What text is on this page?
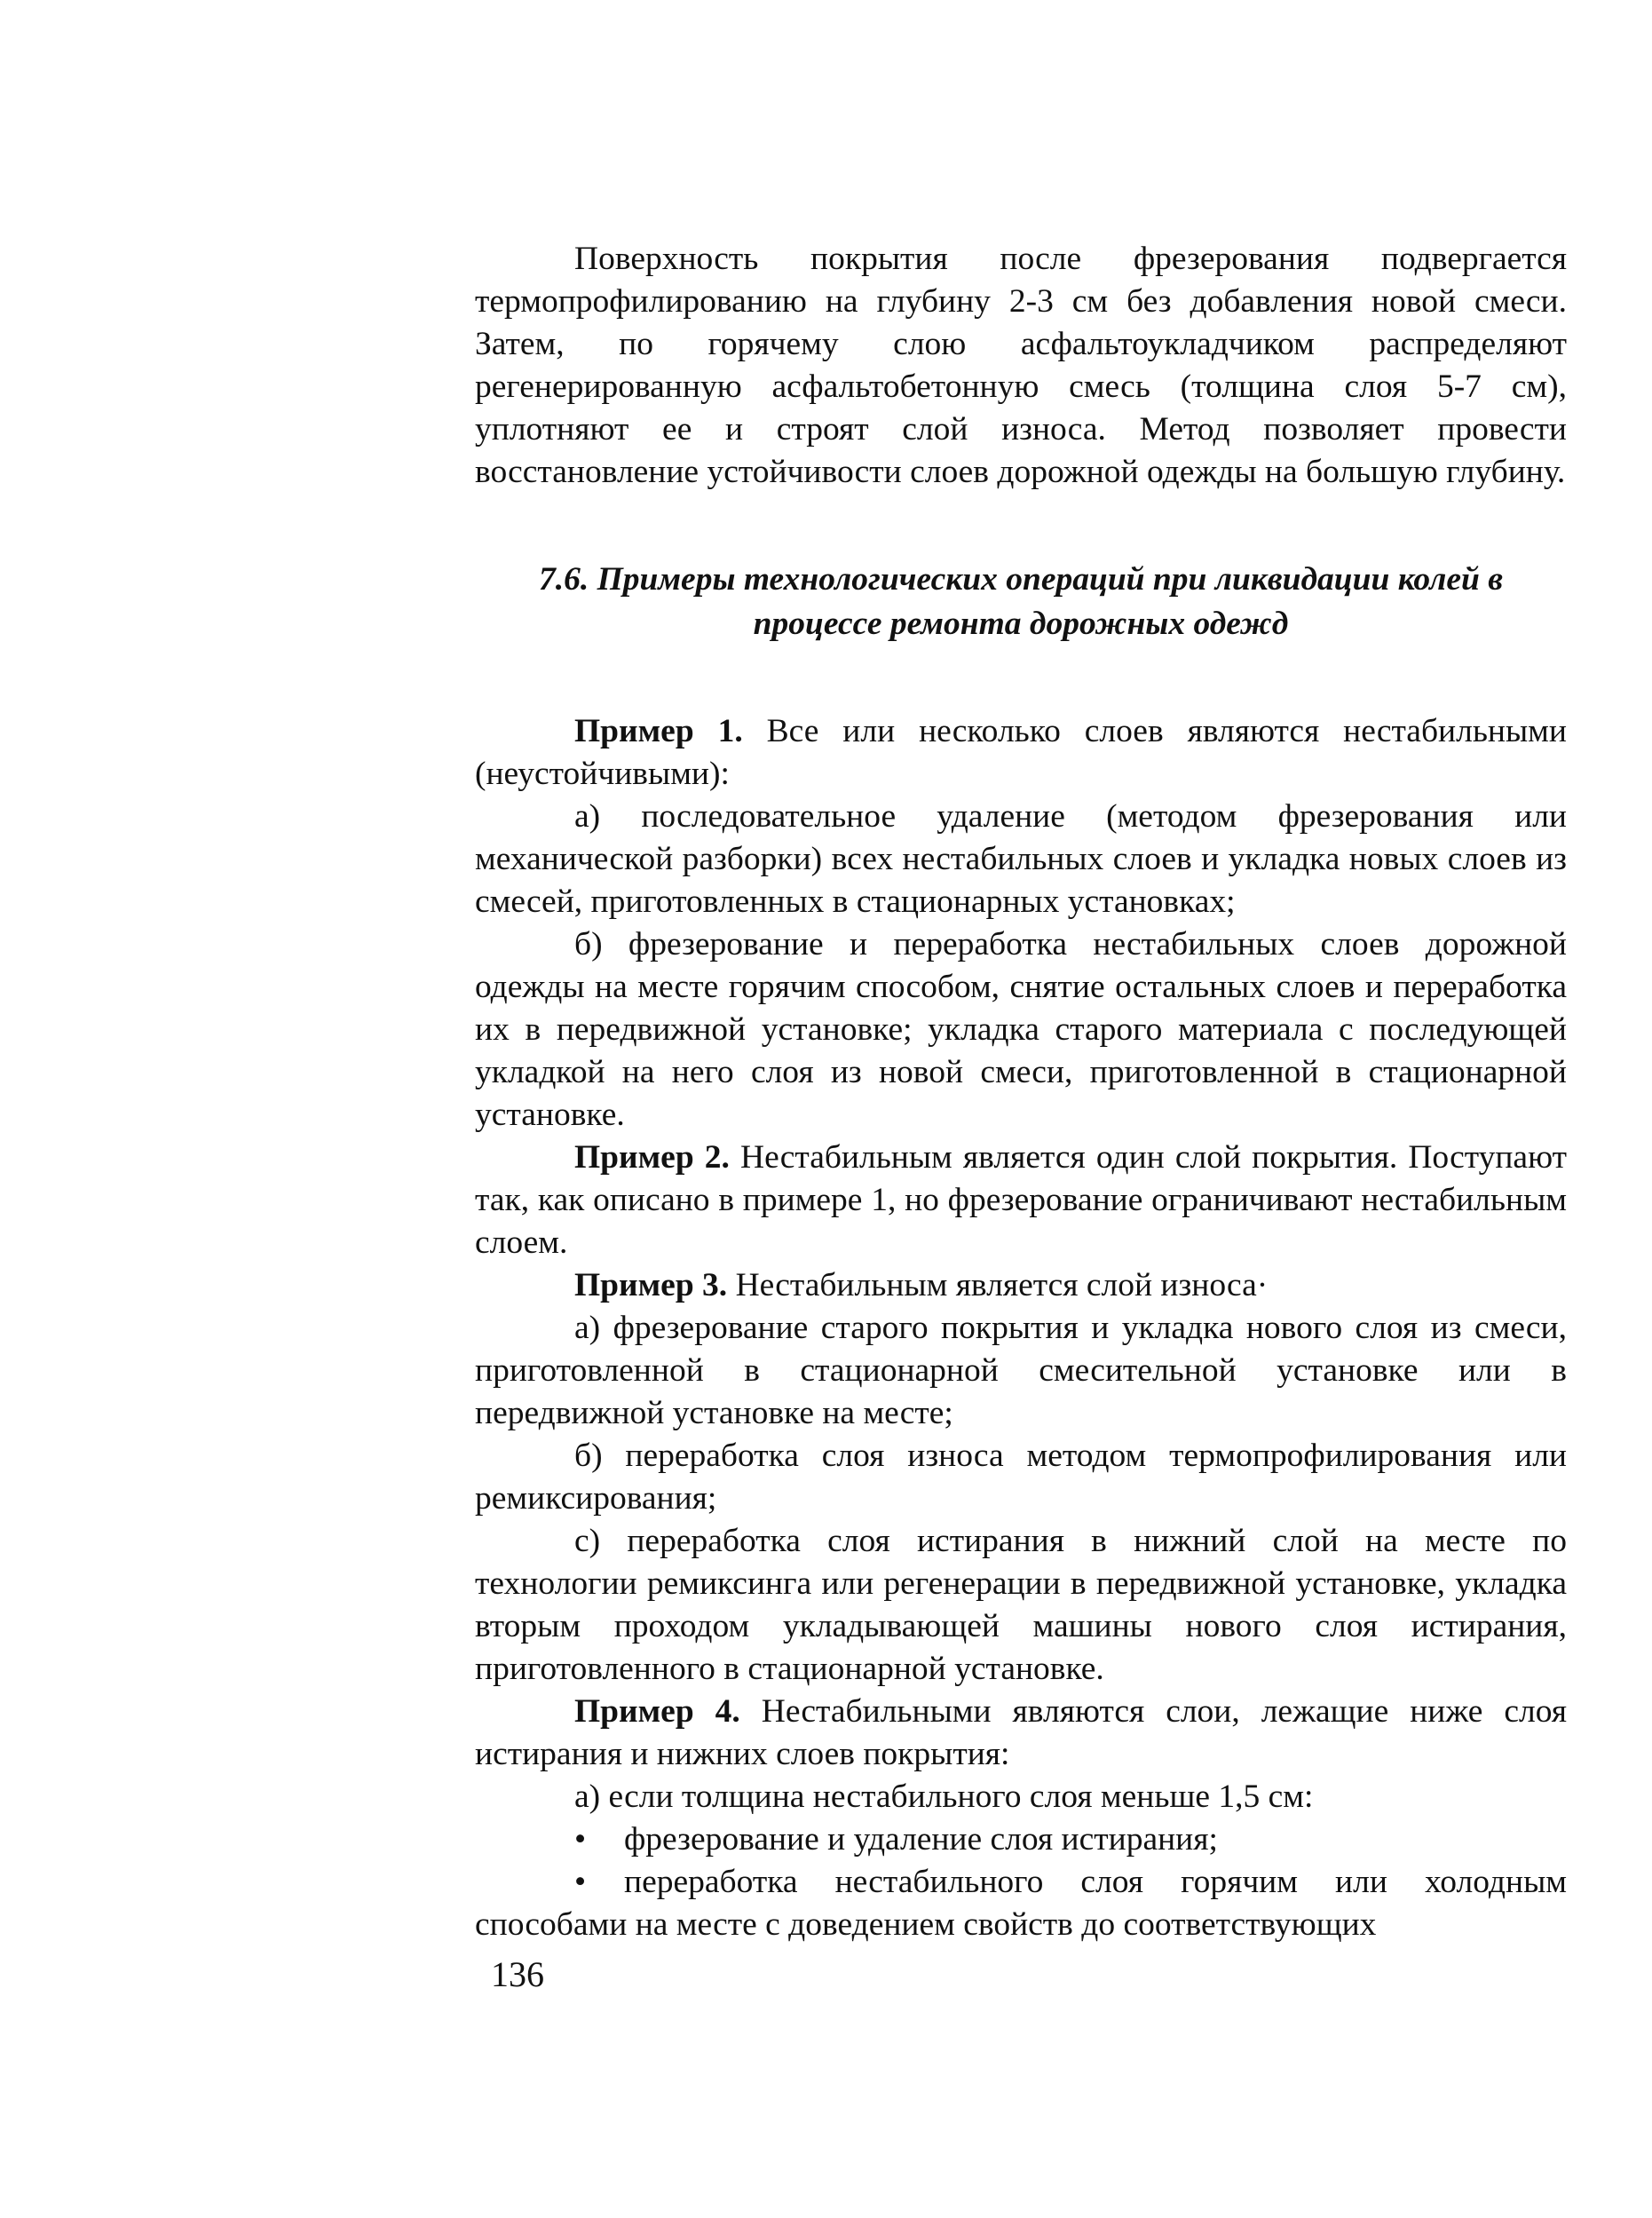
Поверхность покрытия после фрезерования подвергается термопрофилированию на глубину 2-3 см без добавления новой смеси. Затем, по горячему слою асфальтоукладчиком распределяют регенерированную асфальтобетонную смесь (толщина слоя 5-7 см), уплотняют ее и строят слой износа. Метод позволяет провести восстановление устойчивости слоев дорожной одежды на большую глубину.

7.6. Примеры технологических операций при ликвидации колей в
процессе ремонта дорожных одежд

Пример 1. Все или несколько слоев являются нестабильными (неустойчивыми):

а) последовательное удаление (методом фрезерования или механической разборки) всех нестабильных слоев и укладка новых слоев из смесей, приготовленных в стационарных установках;

б) фрезерование и переработка нестабильных слоев дорожной одежды на месте горячим способом, снятие остальных слоев и переработка их в передвижной установке; укладка старого материала с последующей укладкой на него слоя из новой смеси, приготовленной в стационарной установке.

Пример 2. Нестабильным является один слой покрытия. Поступают так, как описано в примере 1, но фрезерование ограничивают нестабильным слоем.

Пример 3. Нестабильным является слой износа·

а) фрезерование старого покрытия и укладка нового слоя из смеси, приготовленной в стационарной смесительной установке или в передвижной установке на месте;

б) переработка слоя износа методом термопрофилирования или ремиксирования;

с) переработка слоя истирания в нижний слой на месте по технологии ремиксинга или регенерации в передвижной установке, укладка вторым проходом укладывающей машины нового слоя истирания, приготовленного в стационарной установке.

Пример 4. Нестабильными являются слои, лежащие ниже слоя истирания и нижних слоев покрытия:

а) если толщина нестабильного слоя меньше 1,5 см:

• фрезерование и удаление слоя истирания;

• переработка нестабильного слоя горячим или холодным способами на месте с доведением свойств до соответствующих

136
